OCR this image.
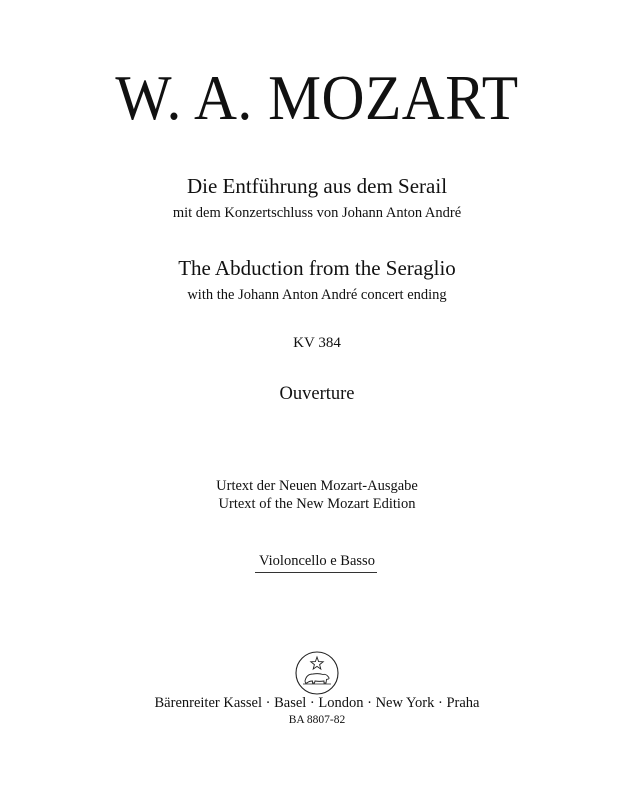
W. A. MOZART
Die Entführung aus dem Serail
mit dem Konzertschluss von Johann Anton André
The Abduction from the Seraglio
with the Johann Anton André concert ending
KV 384
Ouverture
Urtext der Neuen Mozart-Ausgabe
Urtext of the New Mozart Edition
Violoncello e Basso
Bärenreiter Kassel · Basel · London · New York · Praha
BA 8807-82
